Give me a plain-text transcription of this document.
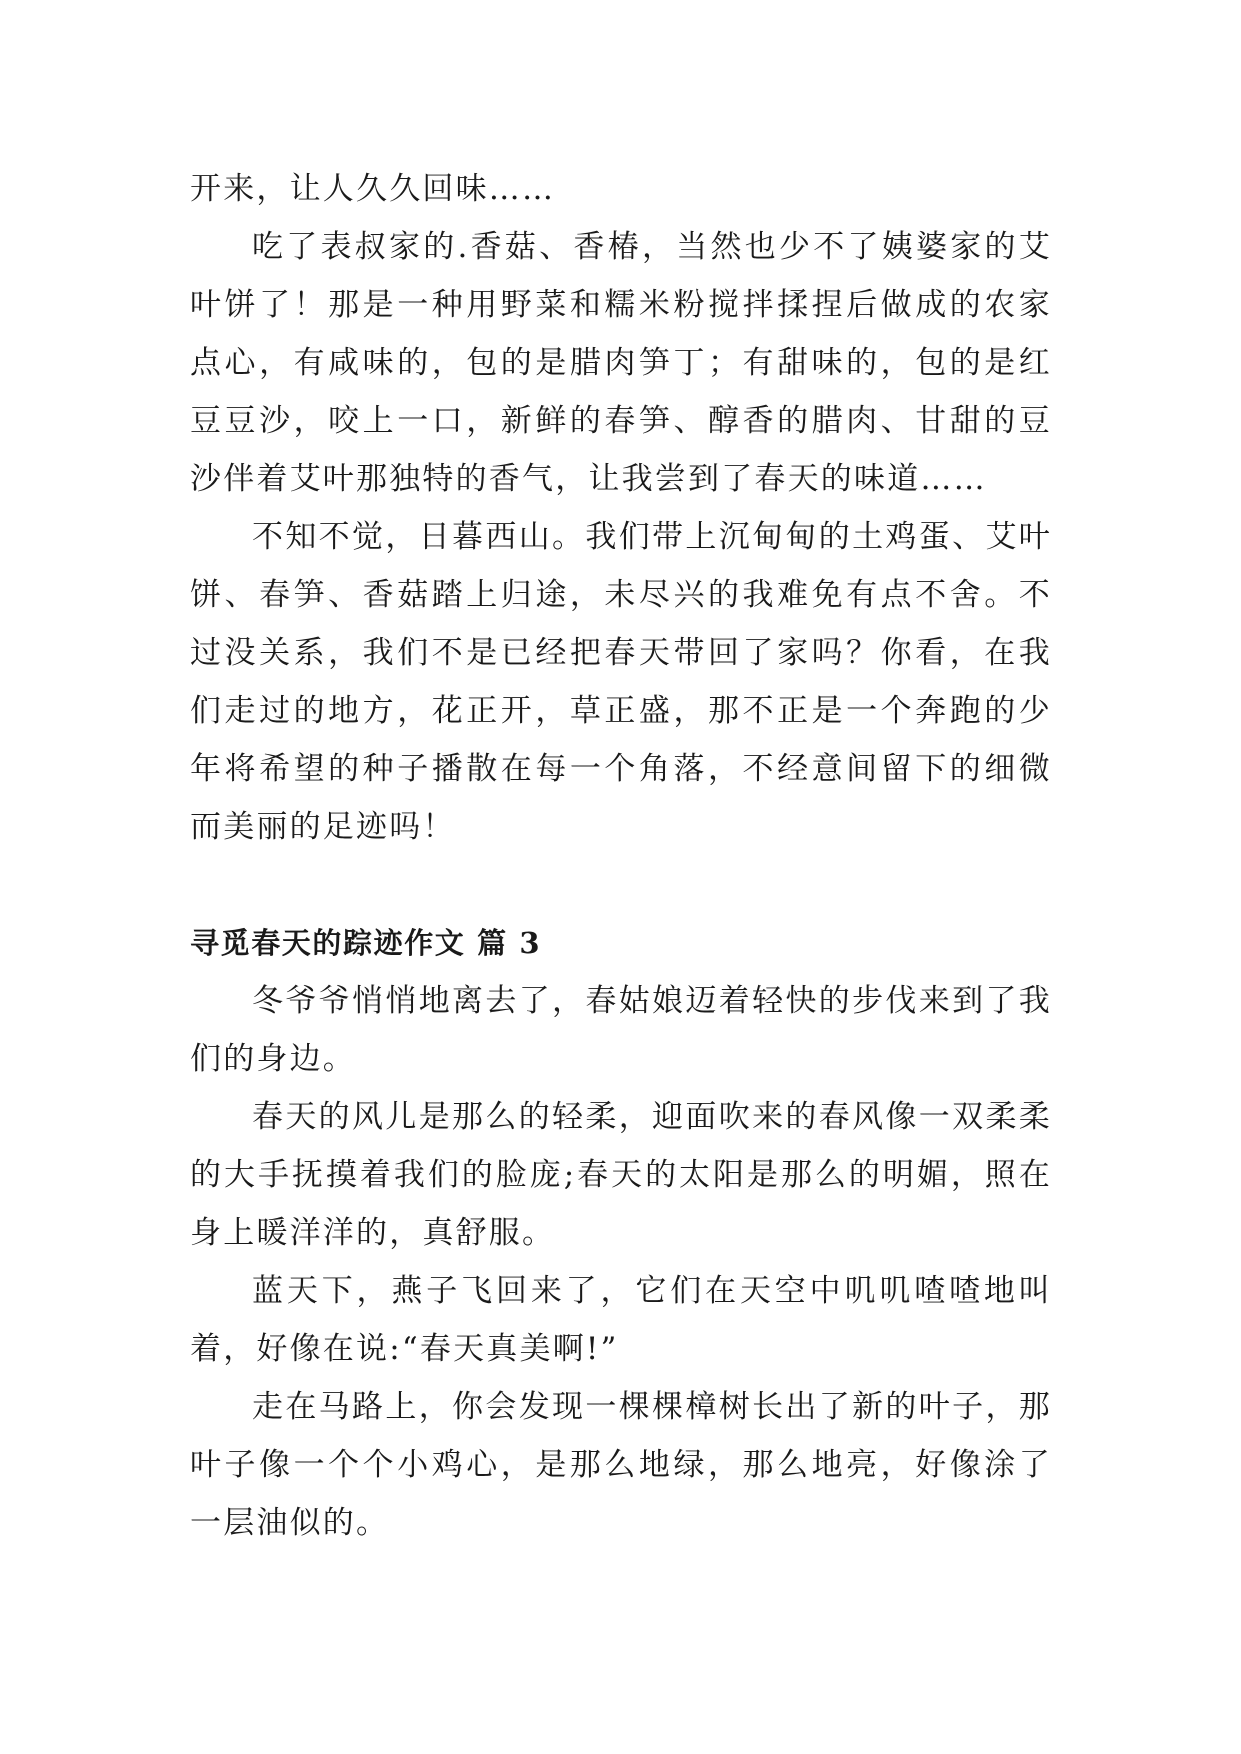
开来，让人久久回味……

吃了表叔家的.香菇、香椿，当然也少不了姨婆家的艾叶饼了！那是一种用野菜和糯米粉搅拌揉捏后做成的农家点心，有咸味的，包的是腊肉笋丁；有甜味的，包的是红豆豆沙，咬上一口，新鲜的春笋、醇香的腊肉、甘甜的豆沙伴着艾叶那独特的香气，让我尝到了春天的味道……

不知不觉，日暮西山。我们带上沉甸甸的土鸡蛋、艾叶饼、春笋、香菇踏上归途，未尽兴的我难免有点不舍。不过没关系，我们不是已经把春天带回了家吗？你看，在我们走过的地方，花正开，草正盛，那不正是一个奔跑的少年将希望的种子播散在每一个角落，不经意间留下的细微而美丽的足迹吗！

寻觅春天的踪迹作文 篇 3

冬爷爷悄悄地离去了，春姑娘迈着轻快的步伐来到了我们的身边。

春天的风儿是那么的轻柔，迎面吹来的春风像一双柔柔的大手抚摸着我们的脸庞;春天的太阳是那么的明媚，照在身上暖洋洋的，真舒服。

蓝天下，燕子飞回来了，它们在天空中叽叽喳喳地叫着，好像在说:“春天真美啊!”

走在马路上，你会发现一棵棵樟树长出了新的叶子，那叶子像一个个小鸡心，是那么地绿，那么地亮，好像涂了一层油似的。
